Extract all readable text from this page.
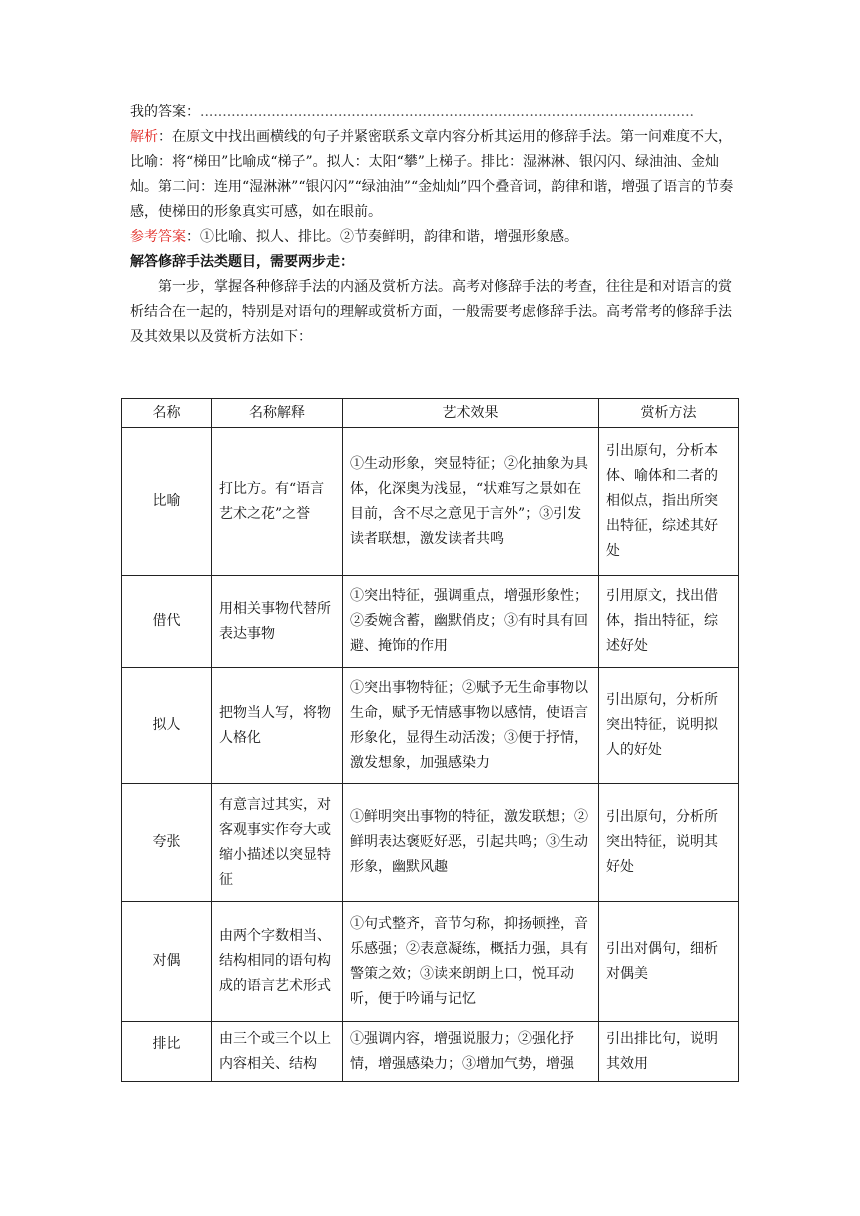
我的答案：...............................................................................................................

解析：在原文中找出画横线的句子并紧密联系文章内容分析其运用的修辞手法。第一问难度不大，比喻：将“梯田”比喻成“梯子”。拟人：太阳“攀”上梯子。排比：湿淋淋、银闪闪、绿油油、金灿灿。第二问：连用“湿淋淋”“银闪闪”“绿油油”“金灿灿”四个叠音词，韵律和谐，增强了语言的节奏感，使梯田的形象真实可感，如在眼前。

参考答案：①比喻、拟人、排比。②节奏鲜明，韵律和谐，增强形象感。

解答修辞手法类题目，需要两步走：

第一步，掌握各种修辞手法的内涵及赏析方法。高考对修辞手法的考查，往往是和对语言的赏析结合在一起的，特别是对语句的理解或赏析方面，一般需要考虑修辞手法。高考常考的修辞手法及其效果以及赏析方法如下：

名称	名称解释	艺术效果	赏析方法
比喻	打比方。有“语言艺术之花”之誉	①生动形象，突显特征；②化抽象为具体，化深奥为浅显，“状难写之景如在目前，含不尽之意见于言外”；③引发读者联想，激发读者共鸣	引出原句，分析本体、喻体和二者的相似点，指出所突出特征，综述其好处
借代	用相关事物代替所表达事物	①突出特征，强调重点，增强形象性；②委婉含蓄，幽默俏皮；③有时具有回避、掩饰的作用	引用原文，找出借体，指出特征，综述好处
拟人	把物当人写，将物人格化	①突出事物特征；②赋予无生命事物以生命，赋予无情感事物以感情，使语言形象化，显得生动活泼；③便于抒情，激发想象，加强感染力	引出原句，分析所突出特征，说明拟人的好处
夸张	有意言过其实，对客观事实作夸大或缩小描述以突显特征	①鲜明突出事物的特征，激发联想；②鲜明表达褒贬好恶，引起共鸣；③生动形象，幽默风趣	引出原句，分析所突出特征，说明其好处
对偶	由两个字数相当、结构相同的语句构成的语言艺术形式	①句式整齐，音节匀称，抑扬顿挫，音乐感强；②表意凝练，概括力强，具有警策之效；③读来朗朗上口，悦耳动听，便于吟诵与记忆	引出对偶句，细析对偶美
排比	由三个或三个以上内容相关、结构	①强调内容，增强说服力；②强化抒情，增强感染力；③增加气势，增强	引出排比句，说明其效用
